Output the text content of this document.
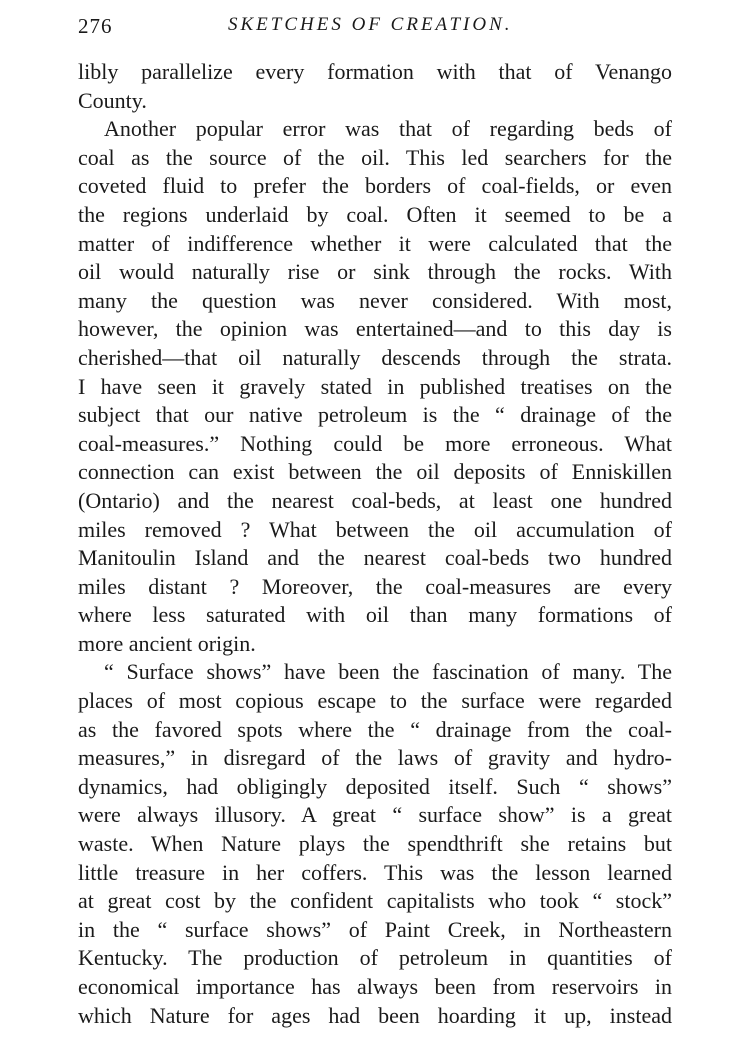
276	SKETCHES OF CREATION.
libly parallelize every formation with that of Venango
County.
Another popular error was that of regarding beds of
coal as the source of the oil. This led searchers for the
coveted fluid to prefer the borders of coal-fields, or even
the regions underlaid by coal. Often it seemed to be a
matter of indifference whether it were calculated that the
oil would naturally rise or sink through the rocks. With
many the question was never considered. With most,
however, the opinion was entertained—and to this day is
cherished—that oil naturally descends through the strata.
I have seen it gravely stated in published treatises on the
subject that our native petroleum is the “ drainage of the
coal-measures.” Nothing could be more erroneous. What
connection can exist between the oil deposits of Enniskillen
(Ontario) and the nearest coal-beds, at least one hundred
miles removed ? What between the oil accumulation of
Manitoulin Island and the nearest coal-beds two hundred
miles distant ? Moreover, the coal-measures are every
where less saturated with oil than many formations of
more ancient origin.
“ Surface shows” have been the fascination of many. The
places of most copious escape to the surface were regarded
as the favored spots where the “ drainage from the coal-
measures,” in disregard of the laws of gravity and hydro-
dynamics, had obligingly deposited itself. Such “ shows”
were always illusory. A great “ surface show” is a great
waste. When Nature plays the spendthrift she retains but
little treasure in her coffers. This was the lesson learned
at great cost by the confident capitalists who took “ stock”
in the “ surface shows” of Paint Creek, in Northeastern
Kentucky. The production of petroleum in quantities of
economical importance has always been from reservoirs in
which Nature for ages had been hoarding it up, instead
